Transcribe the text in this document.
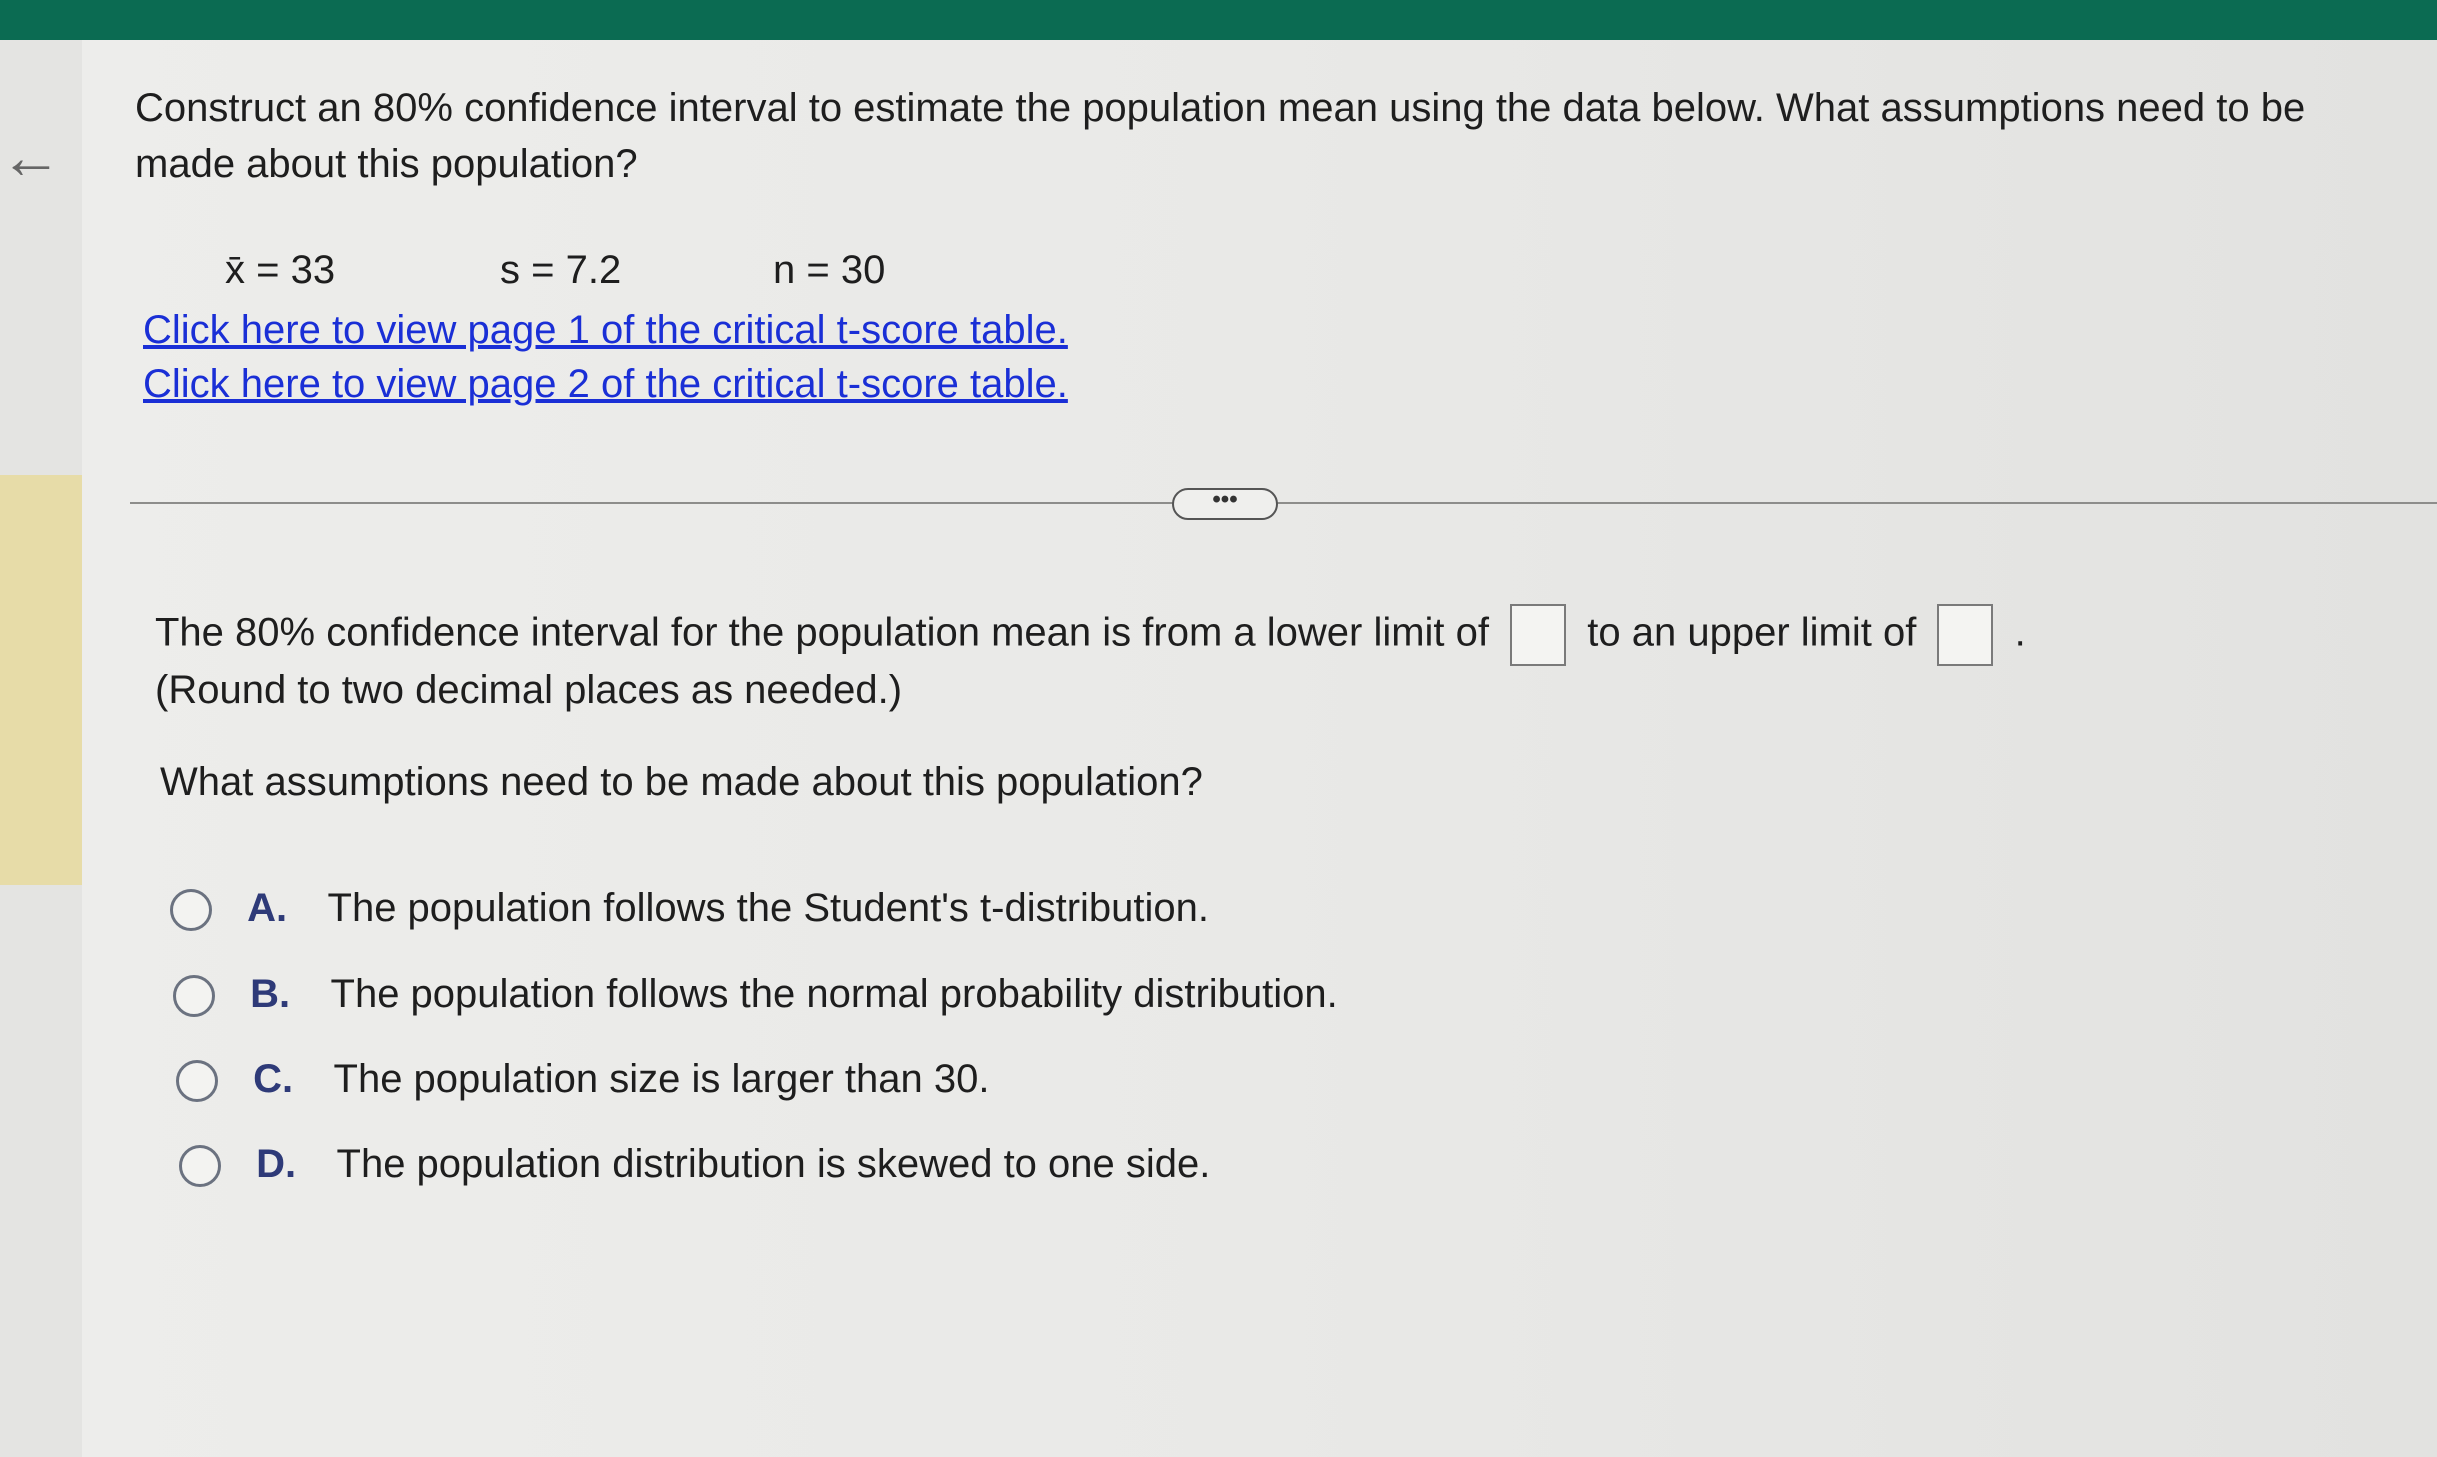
←
Construct an 80% confidence interval to estimate the population mean using the data below. What assumptions need to be made about this population?
x̄ = 33	s = 7.2	n = 30
Click here to view page 1 of the critical t-score table.
Click here to view page 2 of the critical t-score table.
•••
The 80% confidence interval for the population mean is from a lower limit of to an upper limit of .
(Round to two decimal places as needed.)
What assumptions need to be made about this population?
A. The population follows the Student's t-distribution.
B. The population follows the normal probability distribution.
C. The population size is larger than 30.
D. The population distribution is skewed to one side.
